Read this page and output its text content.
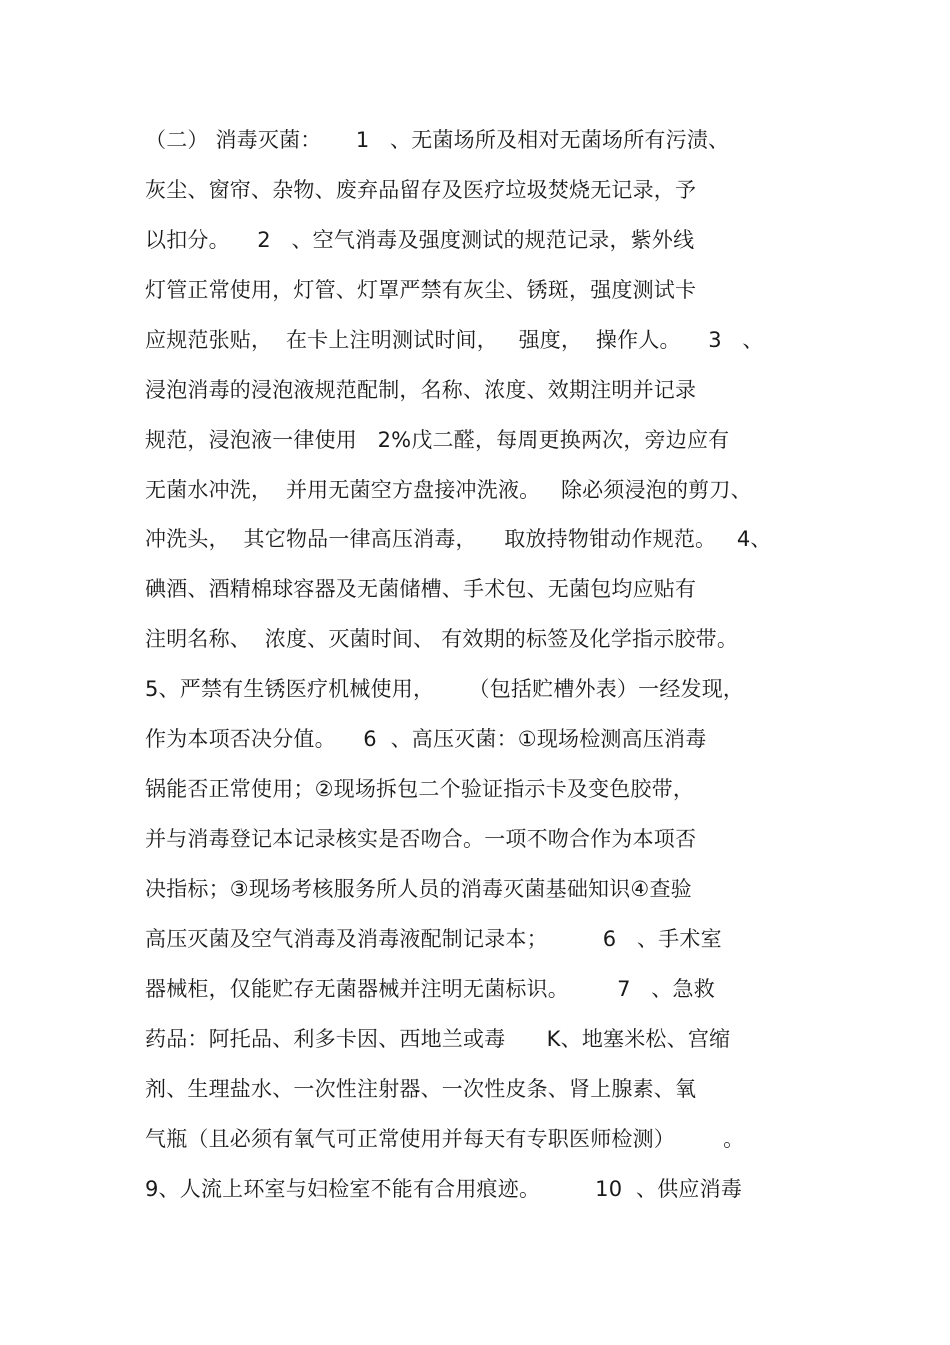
（二） 消毒灭菌：     1   、无菌场所及相对无菌场所有污渍、
灰尘、窗帘、杂物、废弃品留存及医疗垃圾焚烧无记录，予
以扣分。    2   、空气消毒及强度测试的规范记录，紫外线
灯管正常使用，灯管、灯罩严禁有灰尘、锈斑，强度测试卡
应规范张贴，  在卡上注明测试时间，   强度，  操作人。    3   、
浸泡消毒的浸泡液规范配制，名称、浓度、效期注明并记录
规范，浸泡液一律使用   2%戊二醛，每周更换两次，旁边应有
无菌水冲洗，  并用无菌空方盘接冲洗液。   除必须浸泡的剪刀、
冲洗头，  其它物品一律高压消毒，    取放持物钳动作规范。   4、
碘酒、酒精棉球容器及无菌储槽、手术包、无菌包均应贴有
注明名称、  浓度、灭菌时间、 有效期的标签及化学指示胶带。
5、严禁有生锈医疗机械使用，     （包括贮槽外表）一经发现，
作为本项否决分值。    6  、高压灭菌：①现场检测高压消毒
锅能否正常使用；②现场拆包二个验证指示卡及变色胶带，
并与消毒登记本记录核实是否吻合。一项不吻合作为本项否
决指标；③现场考核服务所人员的消毒灭菌基础知识④查验
高压灭菌及空气消毒及消毒液配制记录本；        6   、手术室
器械柜，仅能贮存无菌器械并注明无菌标识。       7   、急救
药品：阿托品、利多卡因、西地兰或毒      K、地塞米松、宫缩
剂、生理盐水、一次性注射器、一次性皮条、肾上腺素、氧
气瓶（且必须有氧气可正常使用并每天有专职医师检测）       。
9、人流上环室与妇检室不能有合用痕迹。        10  、供应消毒
